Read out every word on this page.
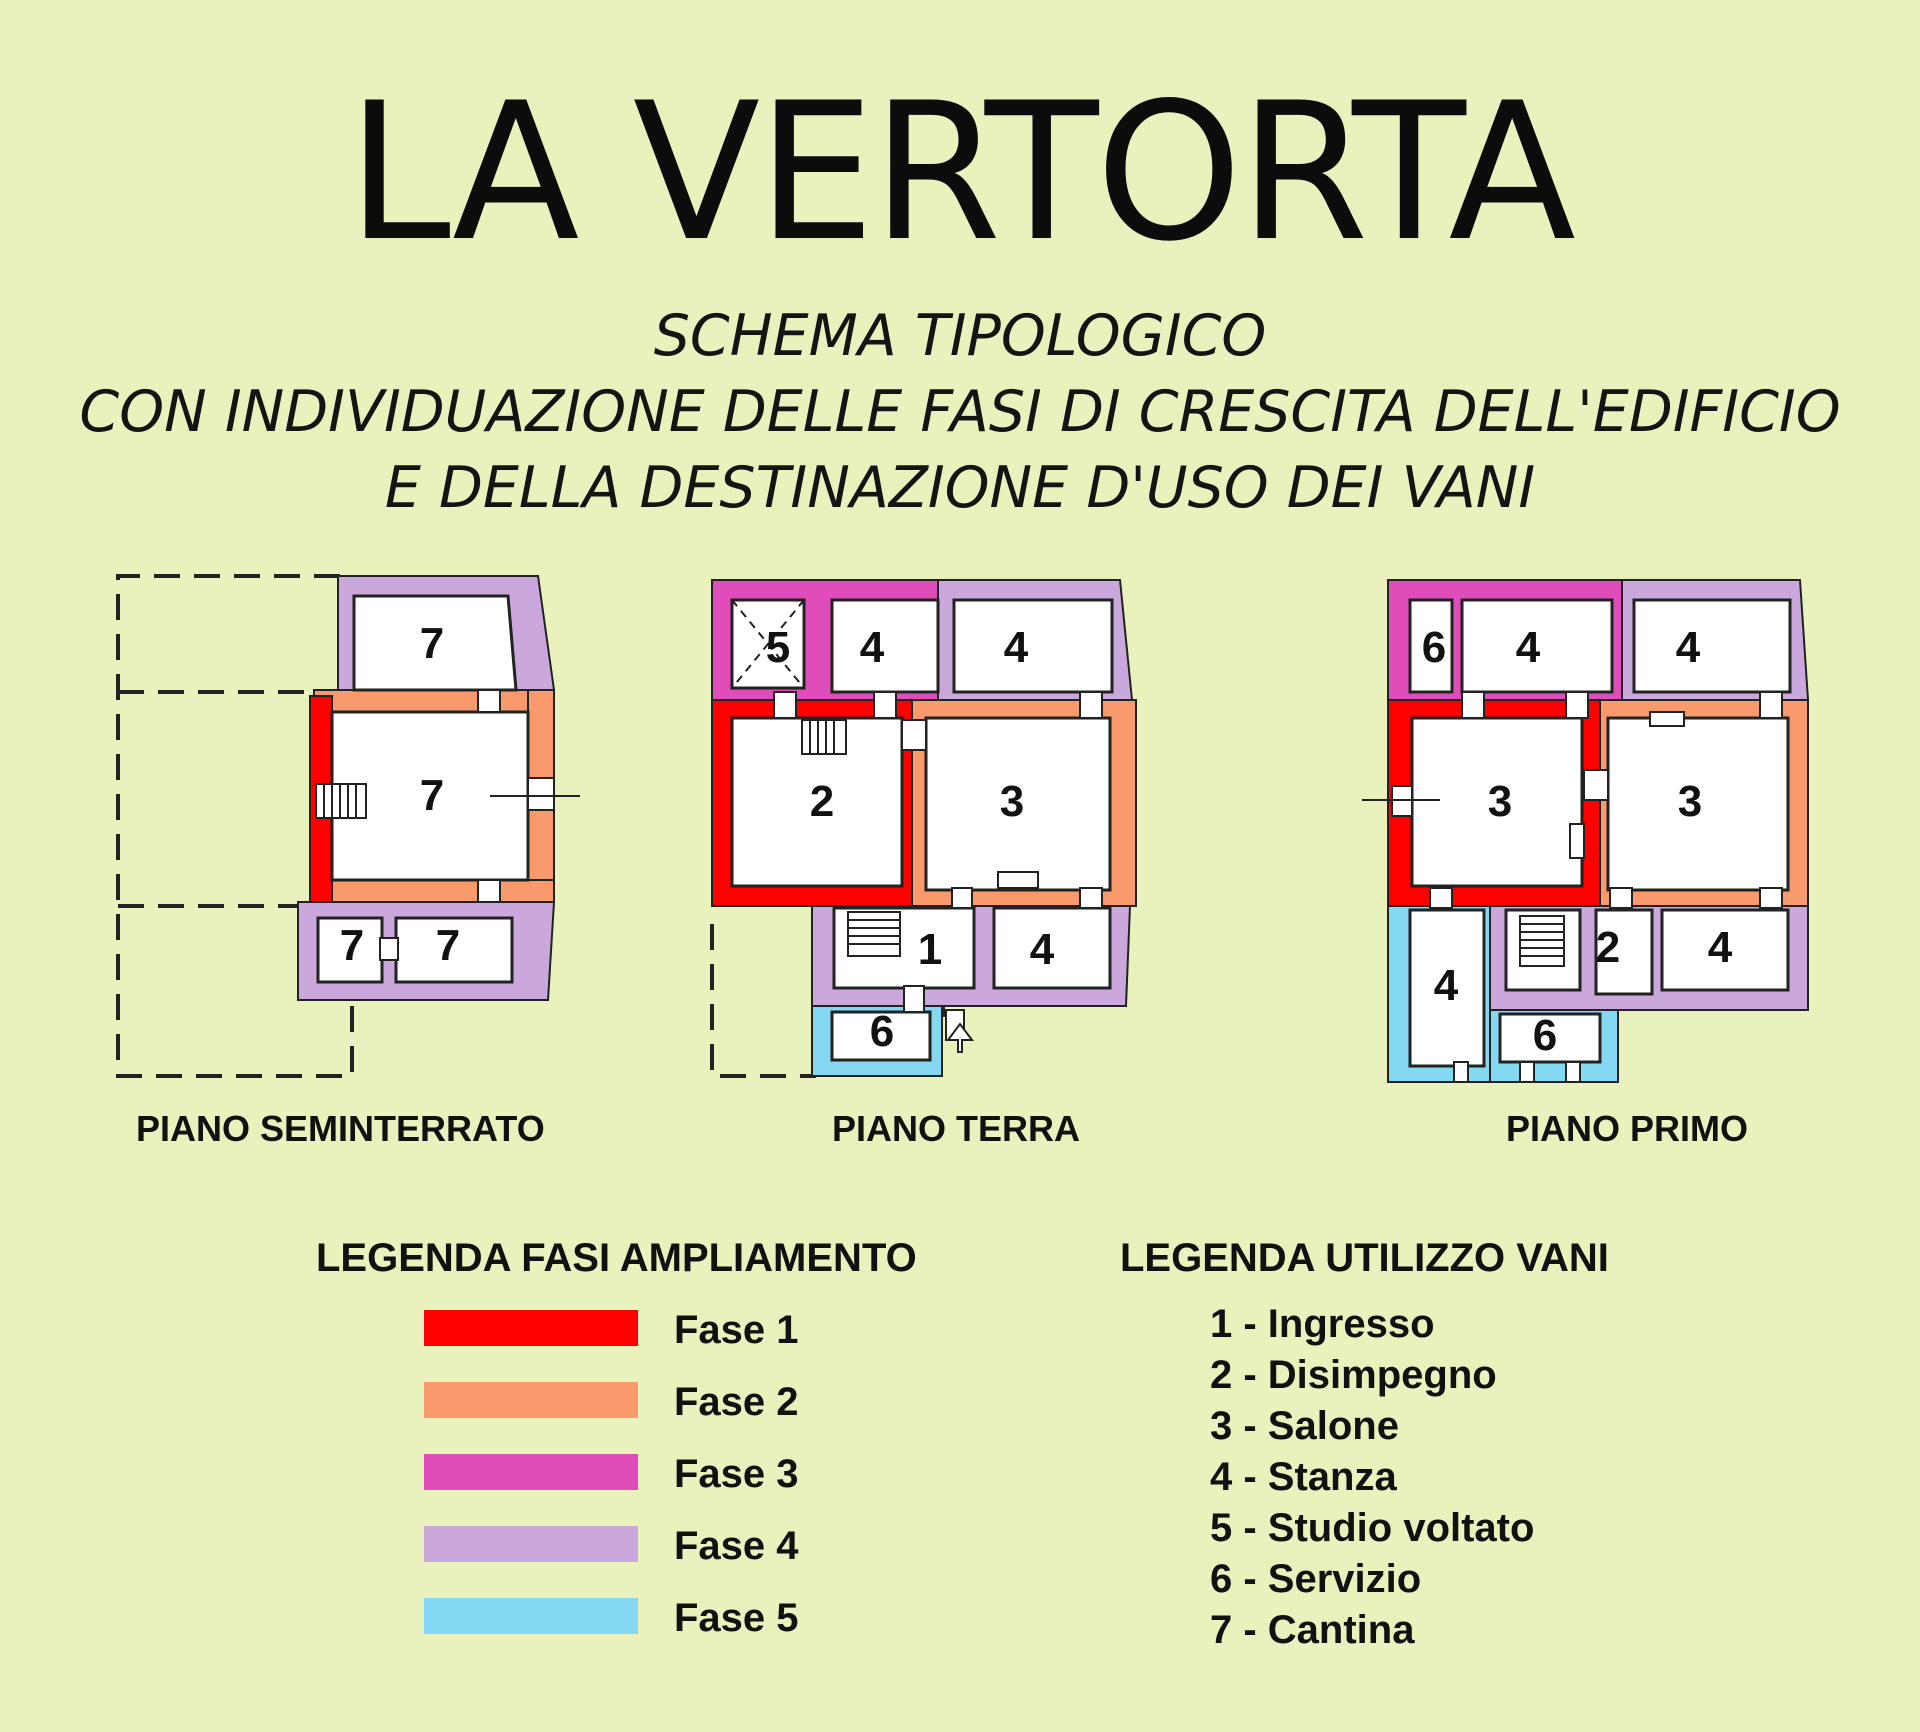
LA VERTORTA
SCHEMA TIPOLOGICO
CON INDIVIDUAZIONE DELLE FASI DI CRESCITA DELL'EDIFICIO
E DELLA DESTINAZIONE D'USO DEI VANI
7
7
7 7
5 4	4
2	3
1 4
6
6 4	4
3	3
4
2 4
6
PIANO SEMINTERRATO	PIANO TERRA	PIANO PRIMO
LEGENDA FASI AMPLIAMENTO
Fase 1
Fase 2
Fase 3
Fase 4
Fase 5
LEGENDA UTILIZZO VANI
1 - Ingresso
2 - Disimpegno
3 - Salone
4 - Stanza
5 - Studio voltato
6 - Servizio
7 - Cantina
